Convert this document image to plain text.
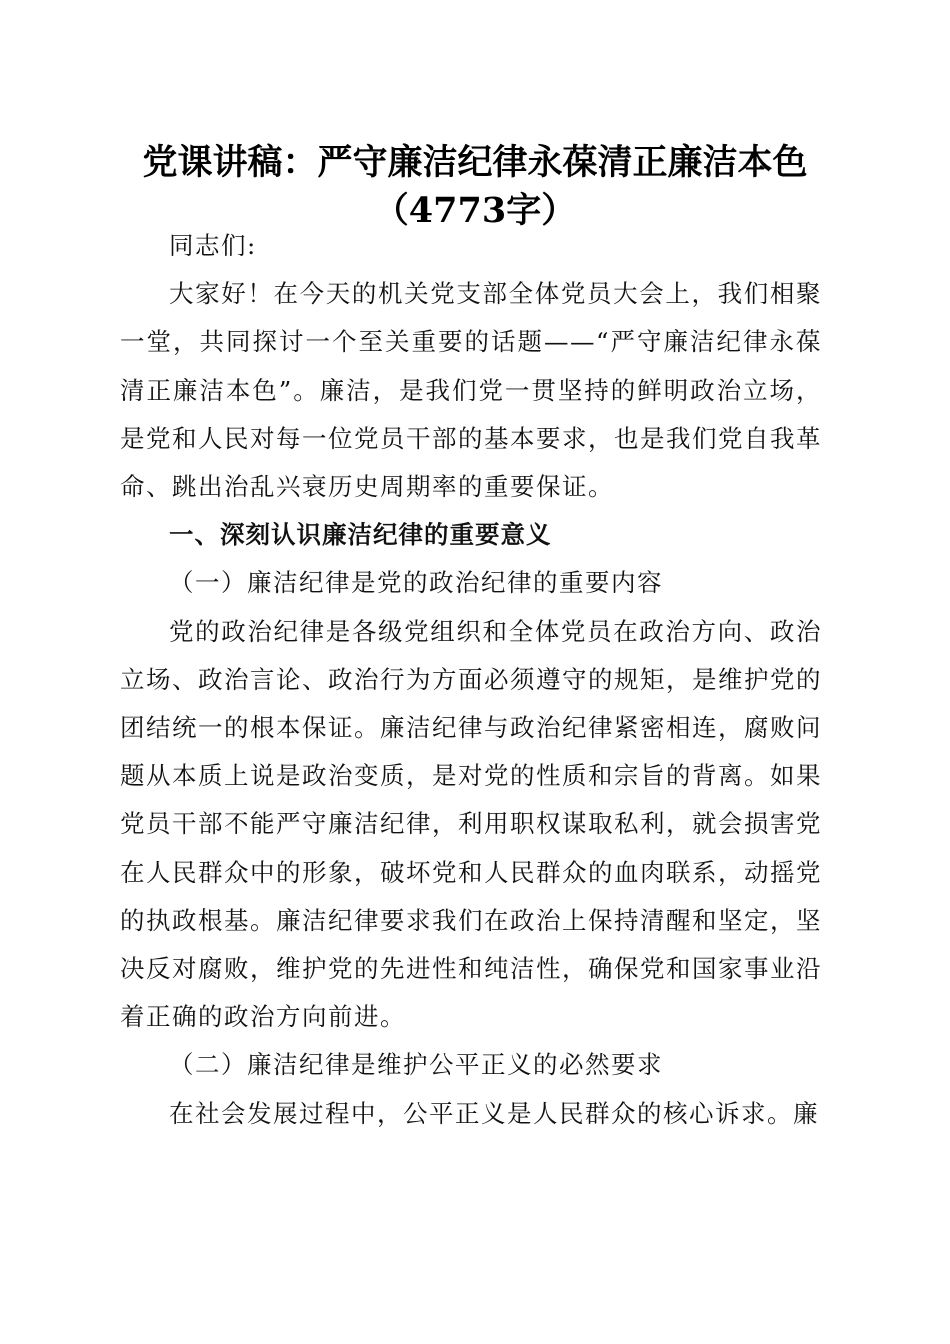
党课讲稿：严守廉洁纪律永葆清正廉洁本色
（4773字）

同志们:

大家好！在今天的机关党支部全体党员大会上，我们相聚一堂，共同探讨一个至关重要的话题——“严守廉洁纪律永葆清正廉洁本色”。廉洁，是我们党一贯坚持的鲜明政治立场，是党和人民对每一位党员干部的基本要求，也是我们党自我革命、跳出治乱兴衰历史周期率的重要保证。

一、深刻认识廉洁纪律的重要意义

（一）廉洁纪律是党的政治纪律的重要内容

党的政治纪律是各级党组织和全体党员在政治方向、政治立场、政治言论、政治行为方面必须遵守的规矩，是维护党的团结统一的根本保证。廉洁纪律与政治纪律紧密相连，腐败问题从本质上说是政治变质，是对党的性质和宗旨的背离。如果党员干部不能严守廉洁纪律，利用职权谋取私利，就会损害党在人民群众中的形象，破坏党和人民群众的血肉联系，动摇党的执政根基。廉洁纪律要求我们在政治上保持清醒和坚定，坚决反对腐败，维护党的先进性和纯洁性，确保党和国家事业沿着正确的政治方向前进。

（二）廉洁纪律是维护公平正义的必然要求

在社会发展过程中，公平正义是人民群众的核心诉求。廉
